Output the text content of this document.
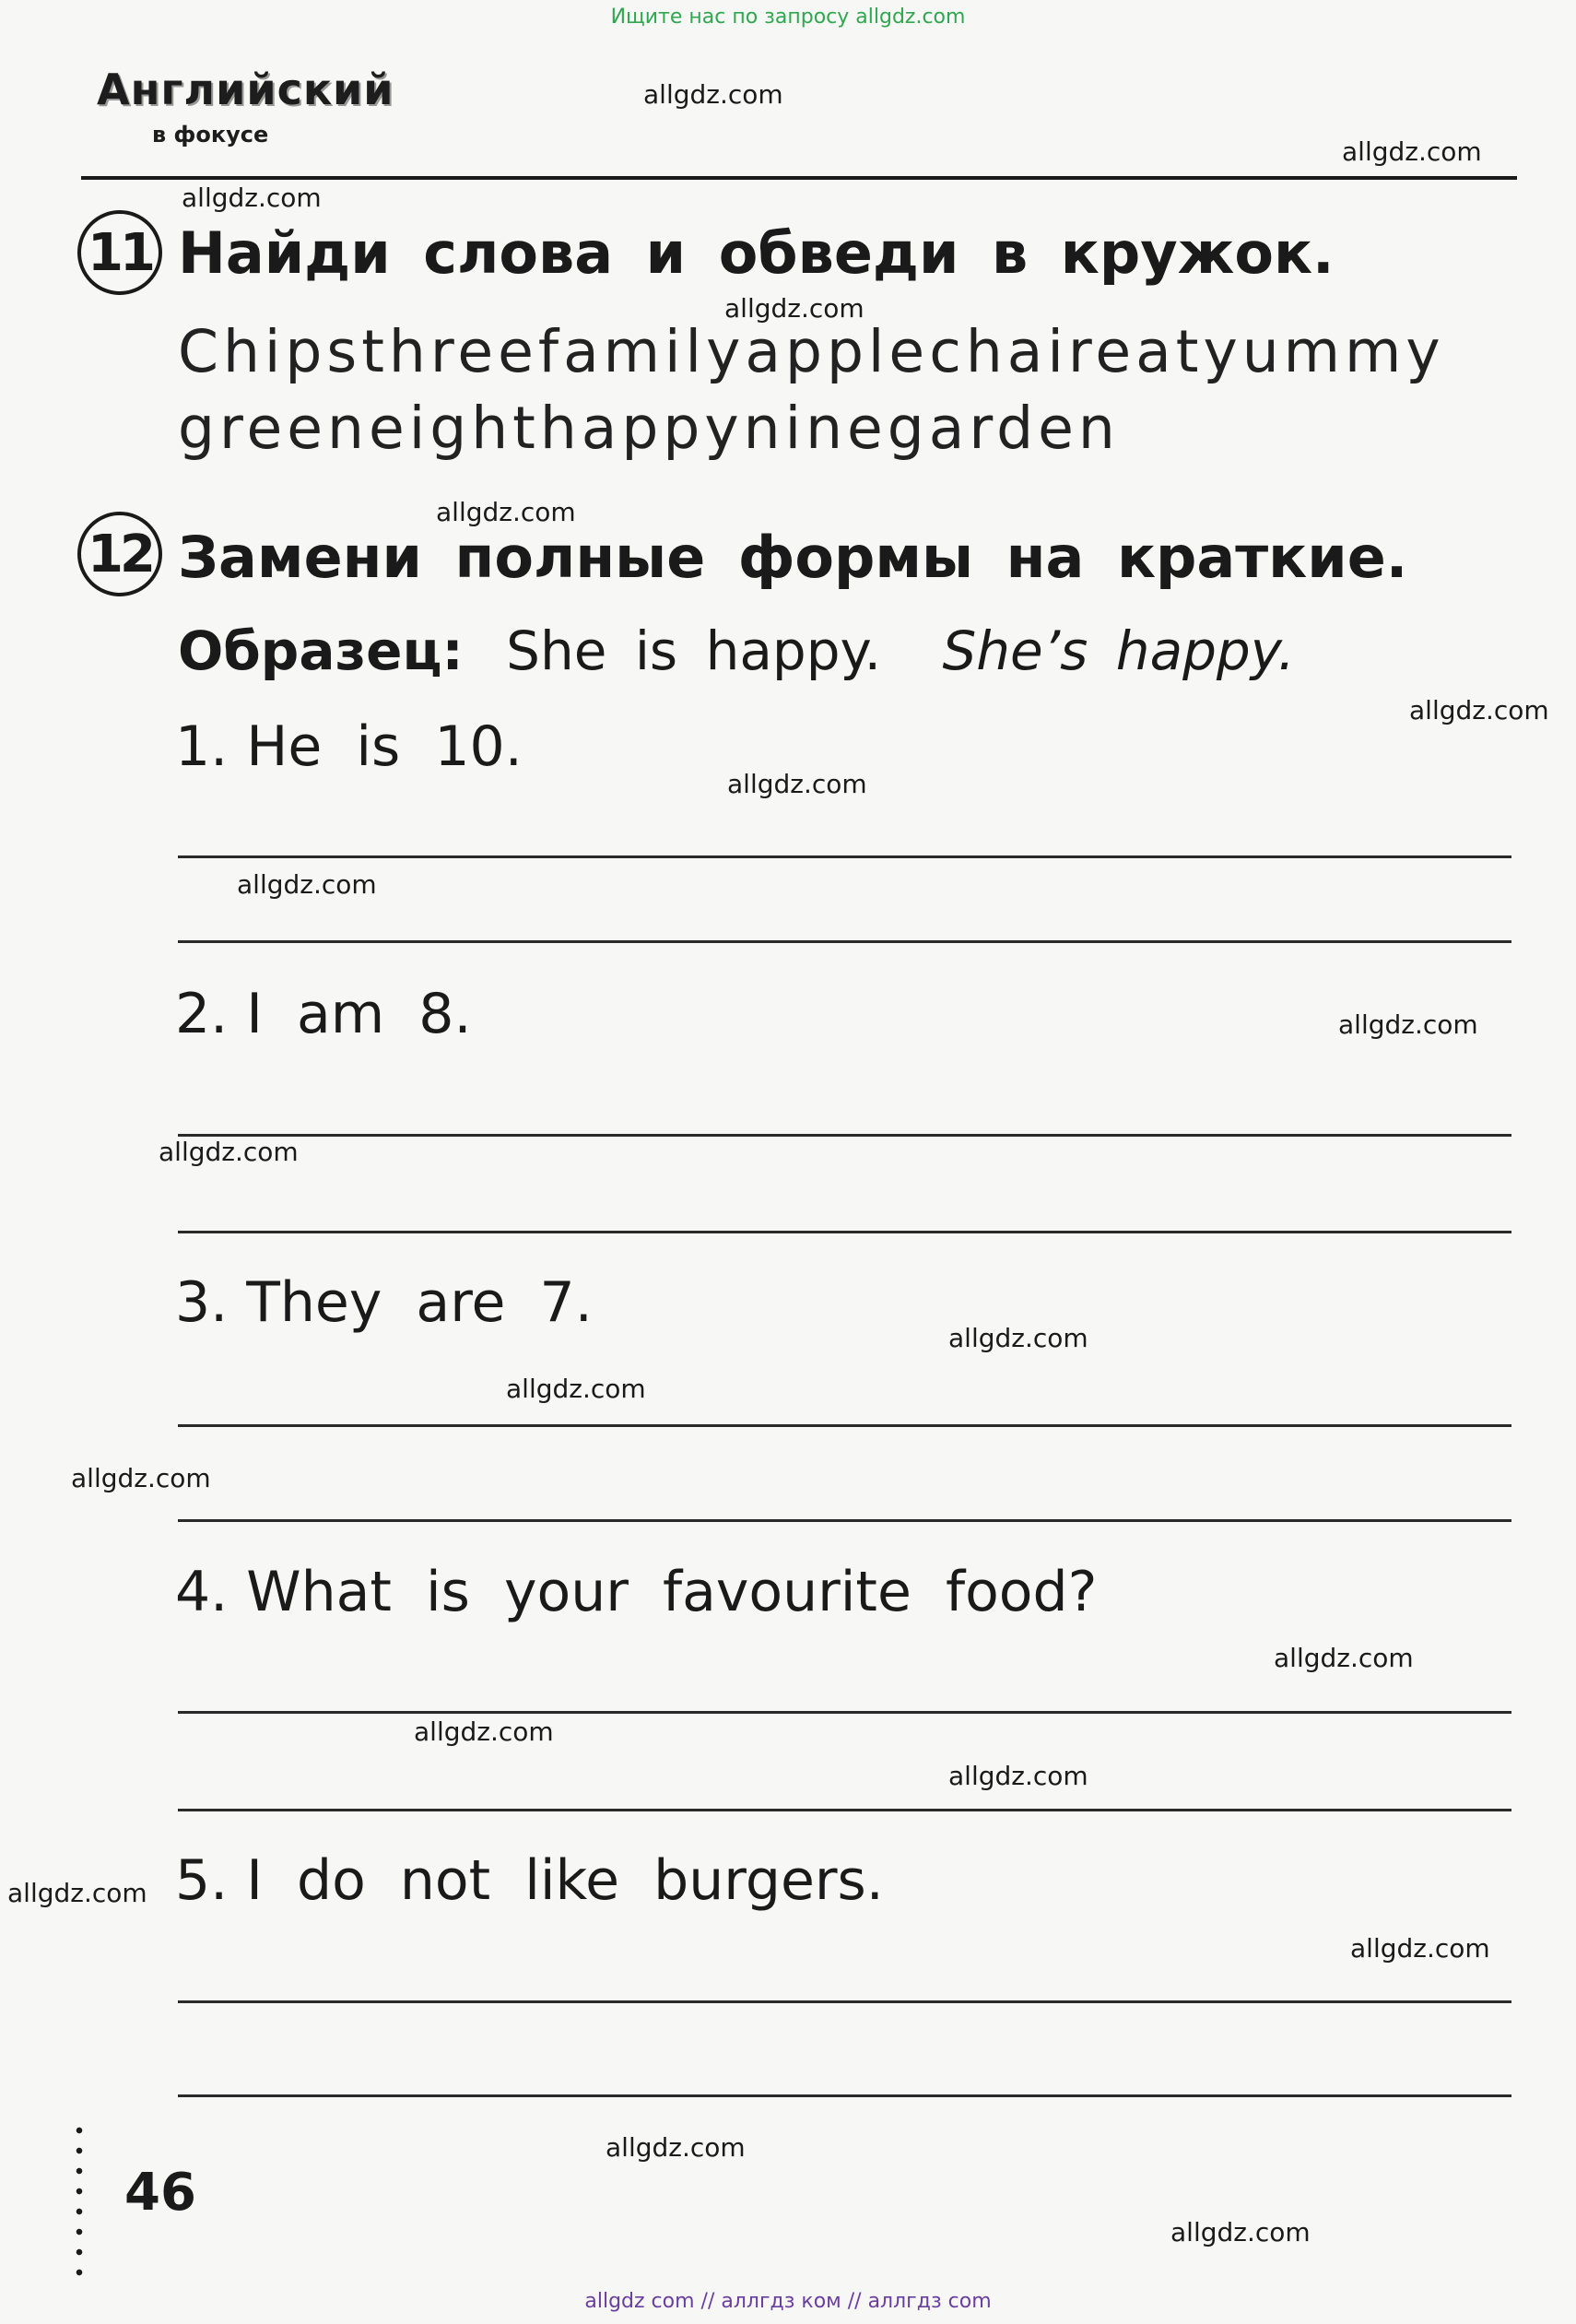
Ищите нас по запросу allgdz.com
Английский
в фокусе
11 Найди слова и обведи в кружок.
Chipsthreefamilyapplechaireatyummy
greeneighthappyninegarden
12 Замени полные формы на краткие.
Образец: She is happy. She’s happy.
1. He is 10.
2. I am 8.
3. They are 7.
4. What is your favourite food?
5. I do not like burgers.
46
allgdz.com
allgdz.com
allgdz.com
allgdz.com
allgdz.com
allgdz.com
allgdz.com
allgdz.com
allgdz.com
allgdz.com
allgdz.com
allgdz.com
allgdz.com
allgdz.com
allgdz.com
allgdz.com
allgdz.com
allgdz.com
allgdz.com
allgdz.com
allgdz com // аллгдз ком // аллгдз com
